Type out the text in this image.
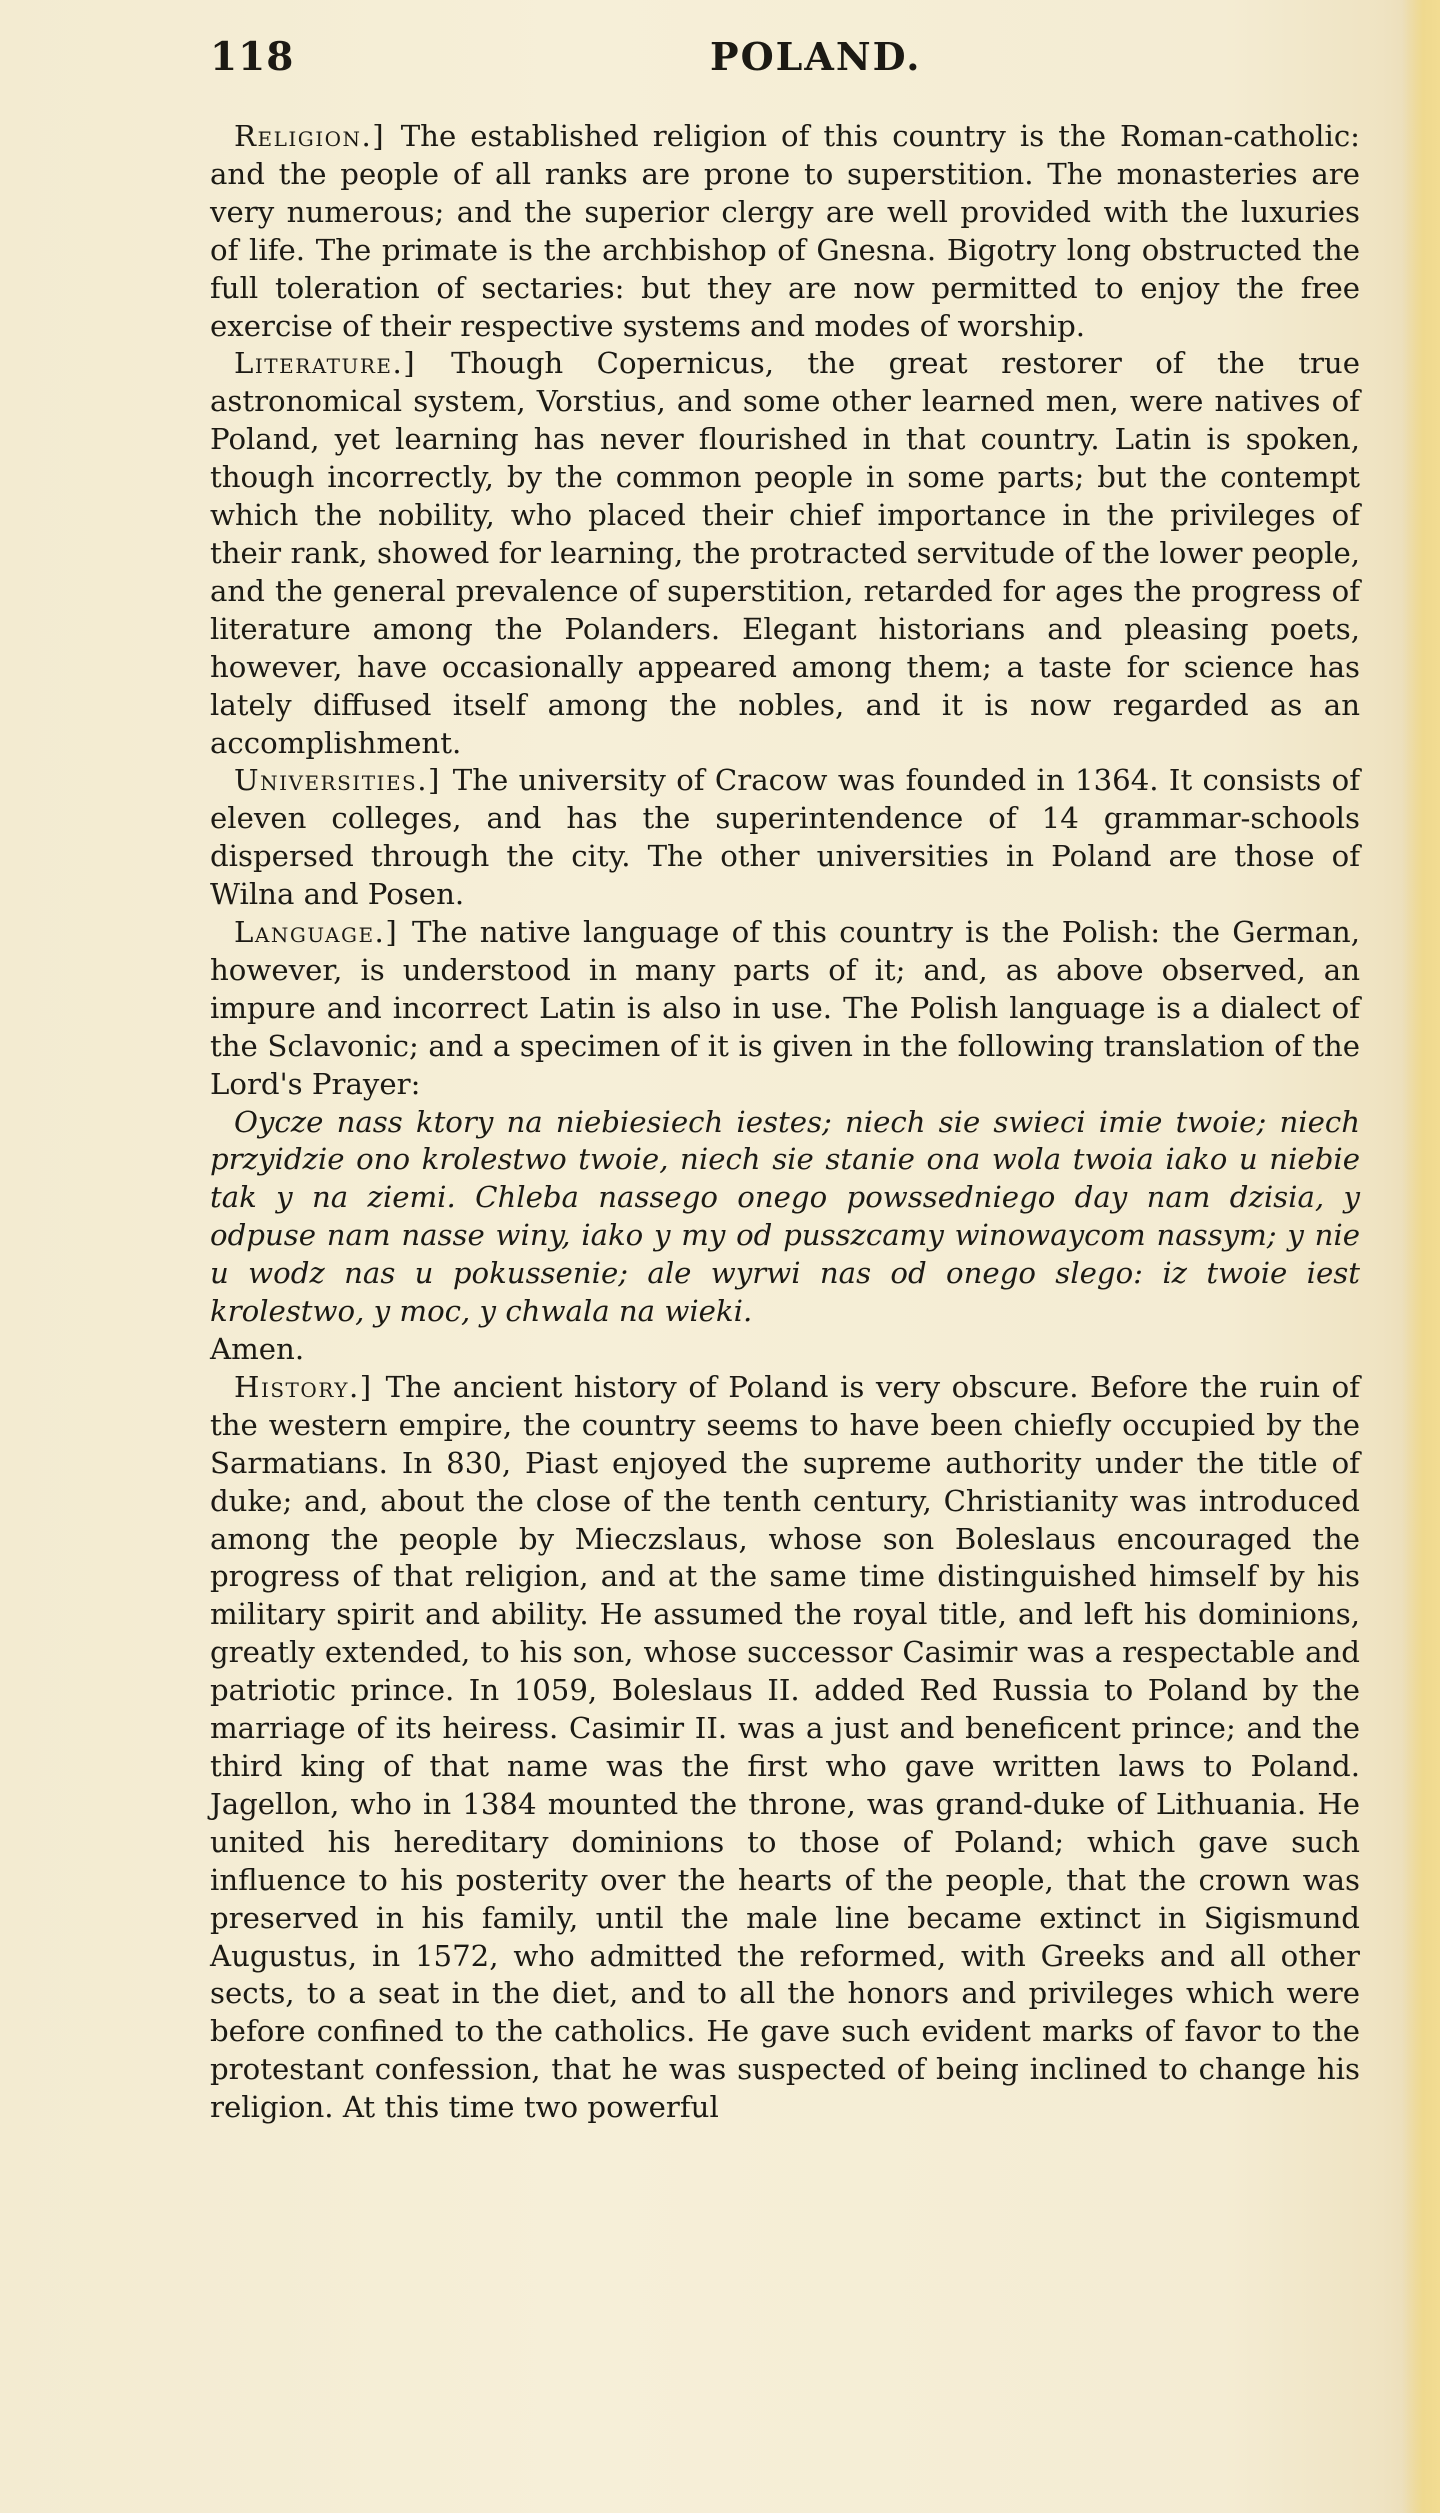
118	POLAND.

Religion.] The established religion of this country is the Roman-catholic: and the people of all ranks are prone to superstition. The monasteries are very numerous; and the superior clergy are well provided with the luxuries of life. The primate is the archbishop of Gnesna. Bigotry long obstructed the full toleration of sectaries: but they are now permitted to enjoy the free exercise of their respective systems and modes of worship.

Literature.] Though Copernicus, the great restorer of the true astronomical system, Vorstius, and some other learned men, were natives of Poland, yet learning has never flourished in that country. Latin is spoken, though incorrectly, by the common people in some parts; but the contempt which the nobility, who placed their chief importance in the privileges of their rank, showed for learning, the protracted servitude of the lower people, and the general prevalence of superstition, retarded for ages the progress of literature among the Polanders. Elegant historians and pleasing poets, however, have occasionally appeared among them; a taste for science has lately diffused itself among the nobles, and it is now regarded as an accomplishment.

Universities.] The university of Cracow was founded in 1364. It consists of eleven colleges, and has the superintendence of 14 grammar-schools dispersed through the city. The other universities in Poland are those of Wilna and Posen.

Language.] The native language of this country is the Polish: the German, however, is understood in many parts of it; and, as above observed, an impure and incorrect Latin is also in use. The Polish language is a dialect of the Sclavonic; and a specimen of it is given in the following translation of the Lord's Prayer:

Oycze nass ktory na niebiesiech iestes; niech sie swieci imie twoie; niech przyidzie ono krolestwo twoie, niech sie stanie ona wola twoia iako u niebie tak y na ziemi. Chleba nassego onego powssedniego day nam dzisia, y odpuse nam nasse winy, iako y my od pusszcamy winowaycom nassym; y nie u wodz nas u pokussenie; ale wyrwi nas od onego slego: iz twoie iest krolestwo, y moc, y chwala na wieki.

Amen.

History.] The ancient history of Poland is very obscure. Before the ruin of the western empire, the country seems to have been chiefly occupied by the Sarmatians. In 830, Piast enjoyed the supreme authority under the title of duke; and, about the close of the tenth century, Christianity was introduced among the people by Mieczslaus, whose son Boleslaus encouraged the progress of that religion, and at the same time distinguished himself by his military spirit and ability. He assumed the royal title, and left his dominions, greatly extended, to his son, whose successor Casimir was a respectable and patriotic prince. In 1059, Boleslaus II. added Red Russia to Poland by the marriage of its heiress. Casimir II. was a just and beneficent prince; and the third king of that name was the first who gave written laws to Poland. Jagellon, who in 1384 mounted the throne, was grand-duke of Lithuania. He united his hereditary dominions to those of Poland; which gave such influence to his posterity over the hearts of the people, that the crown was preserved in his family, until the male line became extinct in Sigismund Augustus, in 1572, who admitted the reformed, with Greeks and all other sects, to a seat in the diet, and to all the honors and privileges which were before confined to the catholics. He gave such evident marks of favor to the protestant confession, that he was suspected of being inclined to change his religion. At this time two powerful
